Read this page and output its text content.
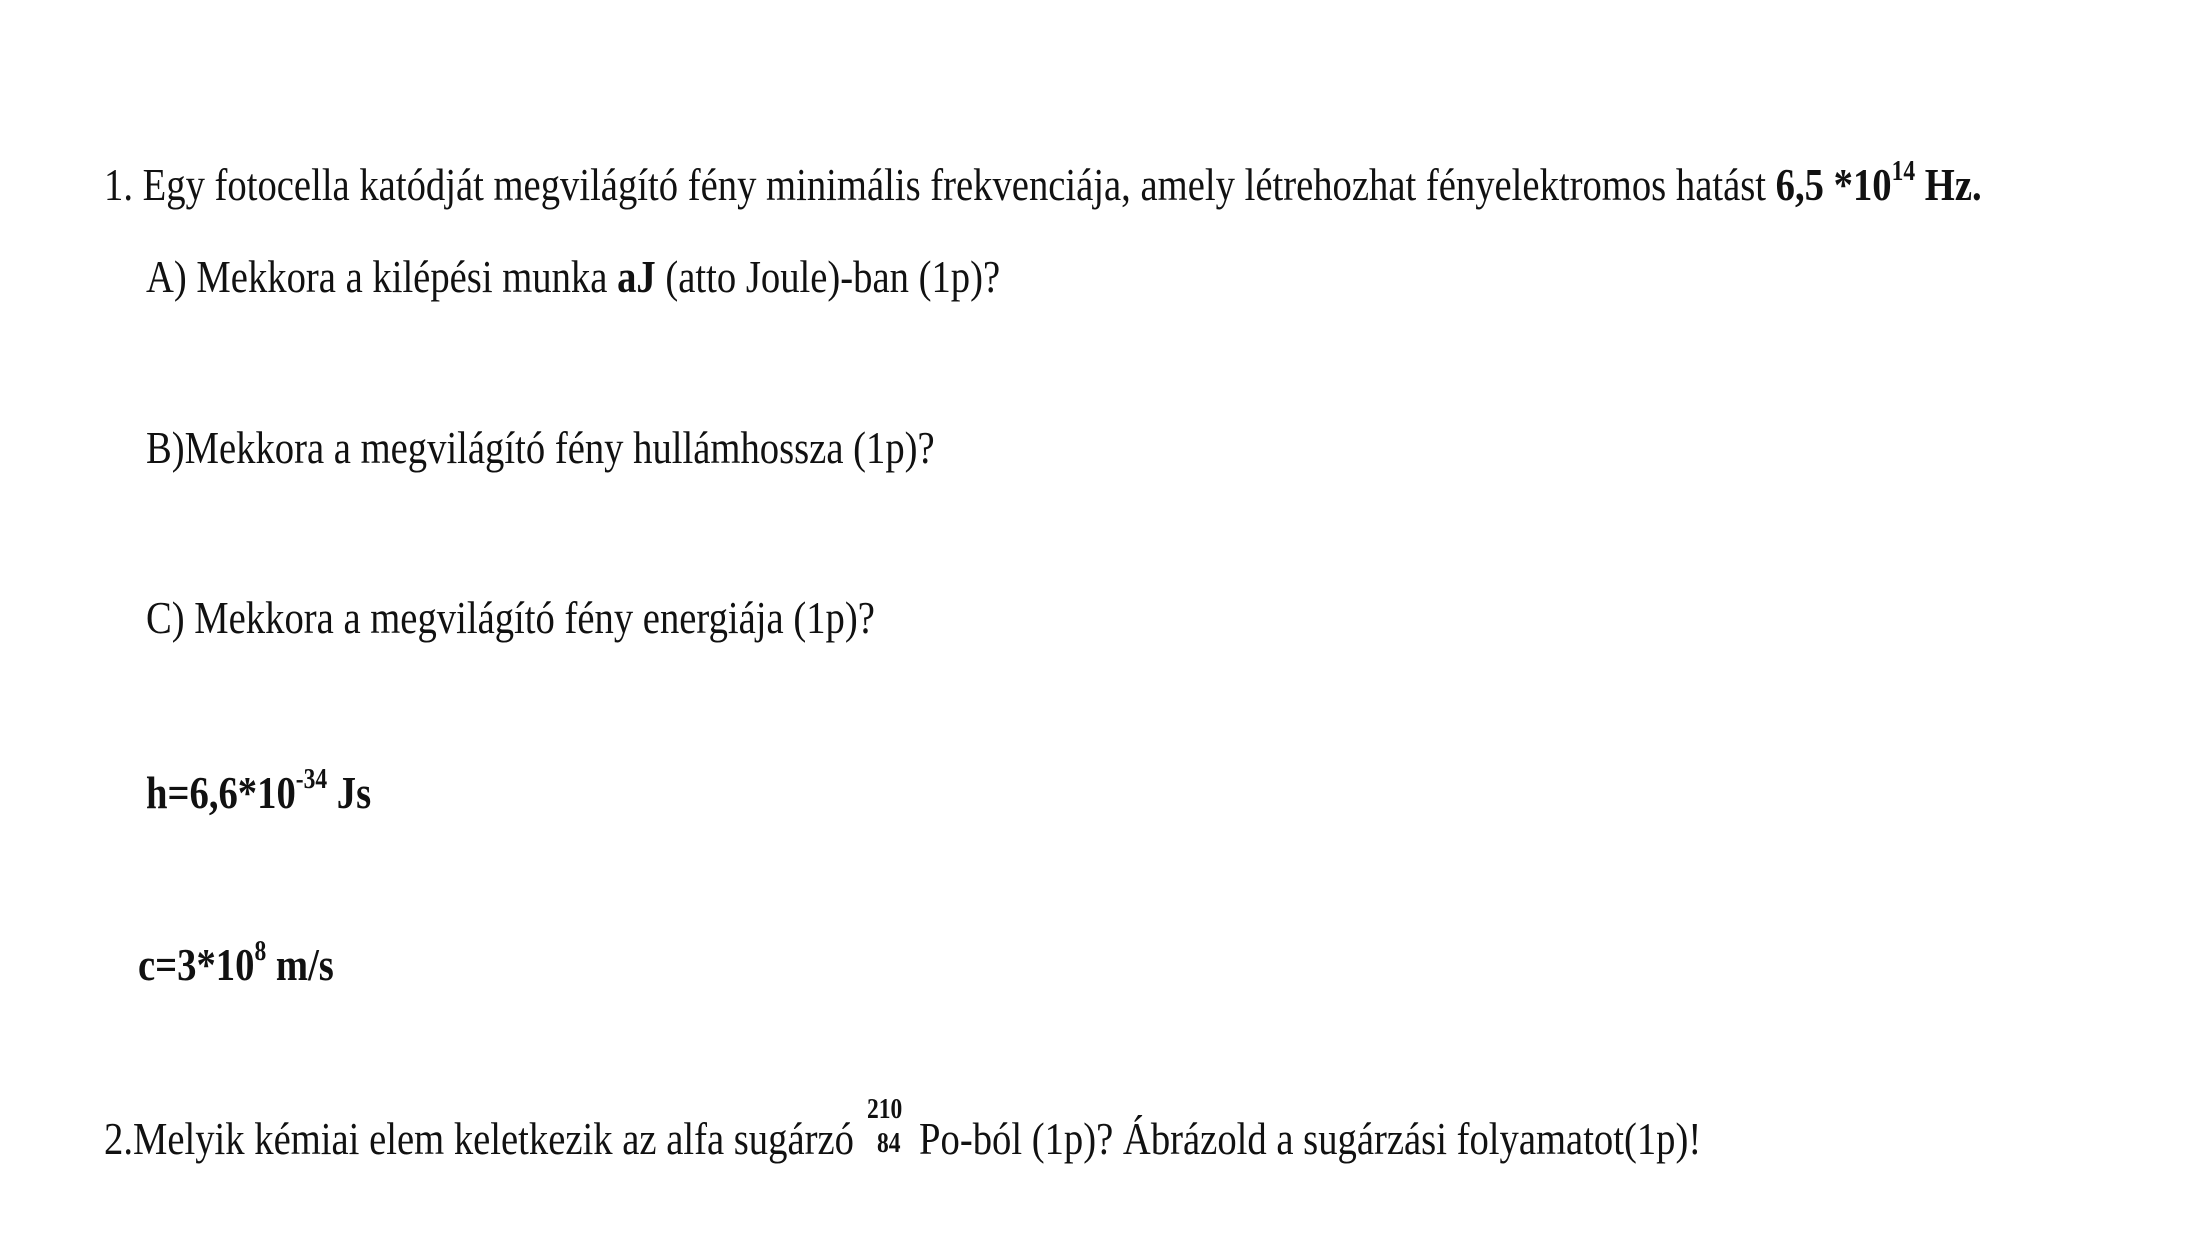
1. Egy fotocella katódját megvilágító fény minimális frekvenciája, amely létrehozhat fényelektromos hatást 6,5 $*10^{14}$ Hz.
A) Mekkora a kilépési munka aJ (atto Joule)-ban (1p)?
B)Mekkora a megvilágító fény hullámhossza (1p)?
C) Mekkora a megvilágító fény energiája (1p)?
$h=6,6*10^{-34}$ Js
$c=3*10^8$ m/s
2.Melyik kémiai elem keletkezik az alfa sugárzó
210
84 Po-ból (1p)? Ábrázold a sugárzási folyamatot(1p)!
